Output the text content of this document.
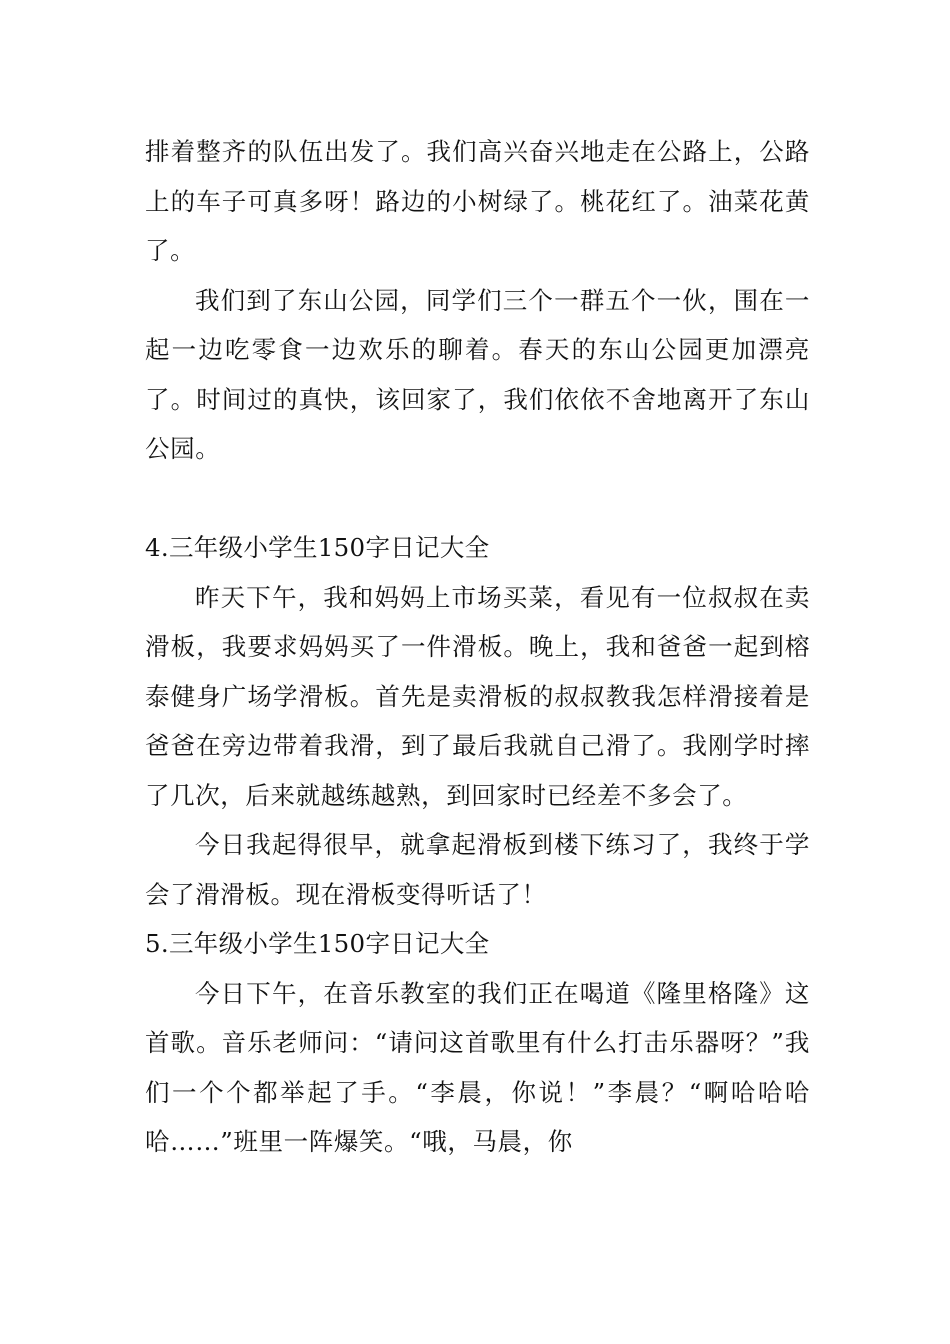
排着整齐的队伍出发了。我们高兴奋兴地走在公路上，公路上的车子可真多呀！路边的小树绿了。桃花红了。油菜花黄了。

我们到了东山公园，同学们三个一群五个一伙，围在一起一边吃零食一边欢乐的聊着。春天的东山公园更加漂亮了。时间过的真快，该回家了，我们依依不舍地离开了东山公园。

4.三年级小学生150字日记大全

昨天下午，我和妈妈上市场买菜，看见有一位叔叔在卖滑板，我要求妈妈买了一件滑板。晚上，我和爸爸一起到榕泰健身广场学滑板。首先是卖滑板的叔叔教我怎样滑接着是爸爸在旁边带着我滑，到了最后我就自己滑了。我刚学时摔了几次，后来就越练越熟，到回家时已经差不多会了。

今日我起得很早，就拿起滑板到楼下练习了，我终于学会了滑滑板。现在滑板变得听话了！

5.三年级小学生150字日记大全

今日下午，在音乐教室的我们正在喝道《隆里格隆》这首歌。音乐老师问：“请问这首歌里有什么打击乐器呀？”我们一个个都举起了手。“李晨，你说！”李晨？“啊哈哈哈哈……”班里一阵爆笑。“哦，马晨，你
